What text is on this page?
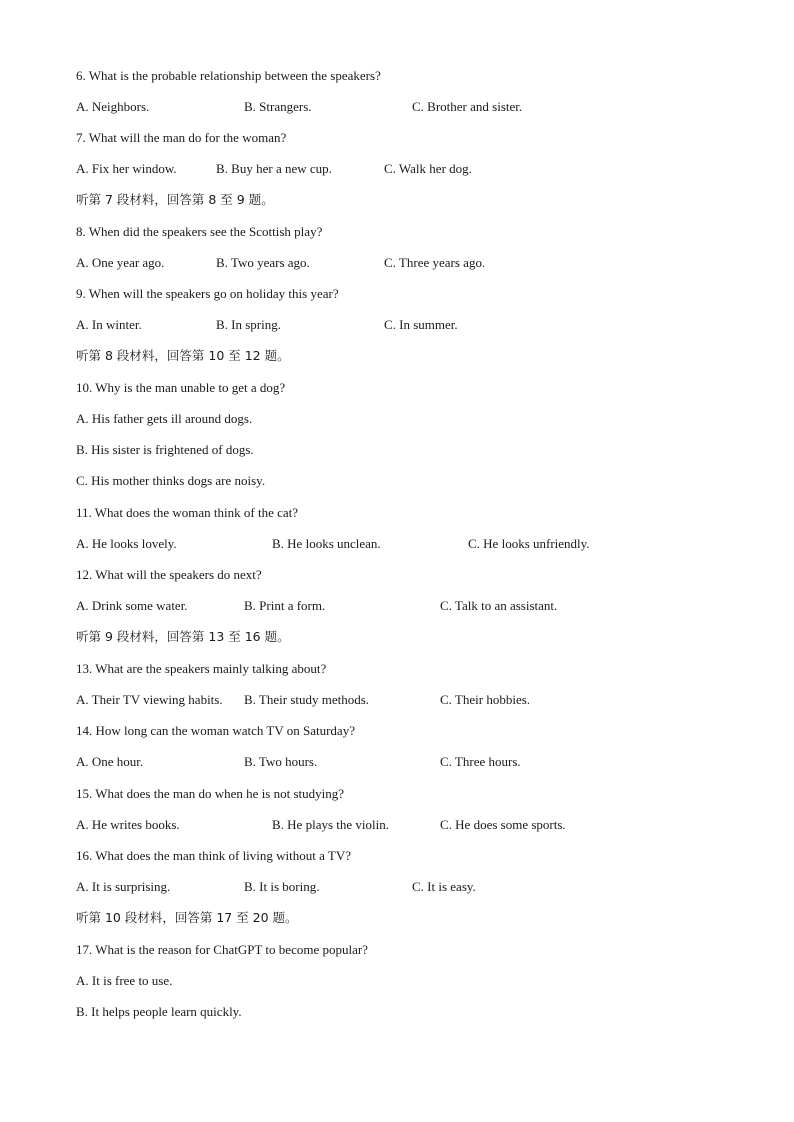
6. What is the probable relationship between the speakers?
A. Neighbors.	B. Strangers.	C. Brother and sister.
7. What will the man do for the woman?
A. Fix her window.	B. Buy her a new cup.	C. Walk her dog.
听第 7 段材料，回答第 8 至 9 题。
8. When did the speakers see the Scottish play?
A. One year ago.	B. Two years ago.	C. Three years ago.
9. When will the speakers go on holiday this year?
A. In winter.	B. In spring.	C. In summer.
听第 8 段材料，回答第 10 至 12 题。
10. Why is the man unable to get a dog?
A. His father gets ill around dogs.
B. His sister is frightened of dogs.
C. His mother thinks dogs are noisy.
11. What does the woman think of the cat?
A. He looks lovely.	B. He looks unclean.	C. He looks unfriendly.
12. What will the speakers do next?
A. Drink some water.	B. Print a form.	C. Talk to an assistant.
听第 9 段材料，回答第 13 至 16 题。
13. What are the speakers mainly talking about?
A. Their TV viewing habits. B. Their study methods.	C. Their hobbies.
14. How long can the woman watch TV on Saturday?
A. One hour.	B. Two hours.	C. Three hours.
15. What does the man do when he is not studying?
A. He writes books.	B. He plays the violin.	C. He does some sports.
16. What does the man think of living without a TV?
A. It is surprising.	B. It is boring.	C. It is easy.
听第 10 段材料，回答第 17 至 20 题。
17. What is the reason for ChatGPT to become popular?
A. It is free to use.
B. It helps people learn quickly.
